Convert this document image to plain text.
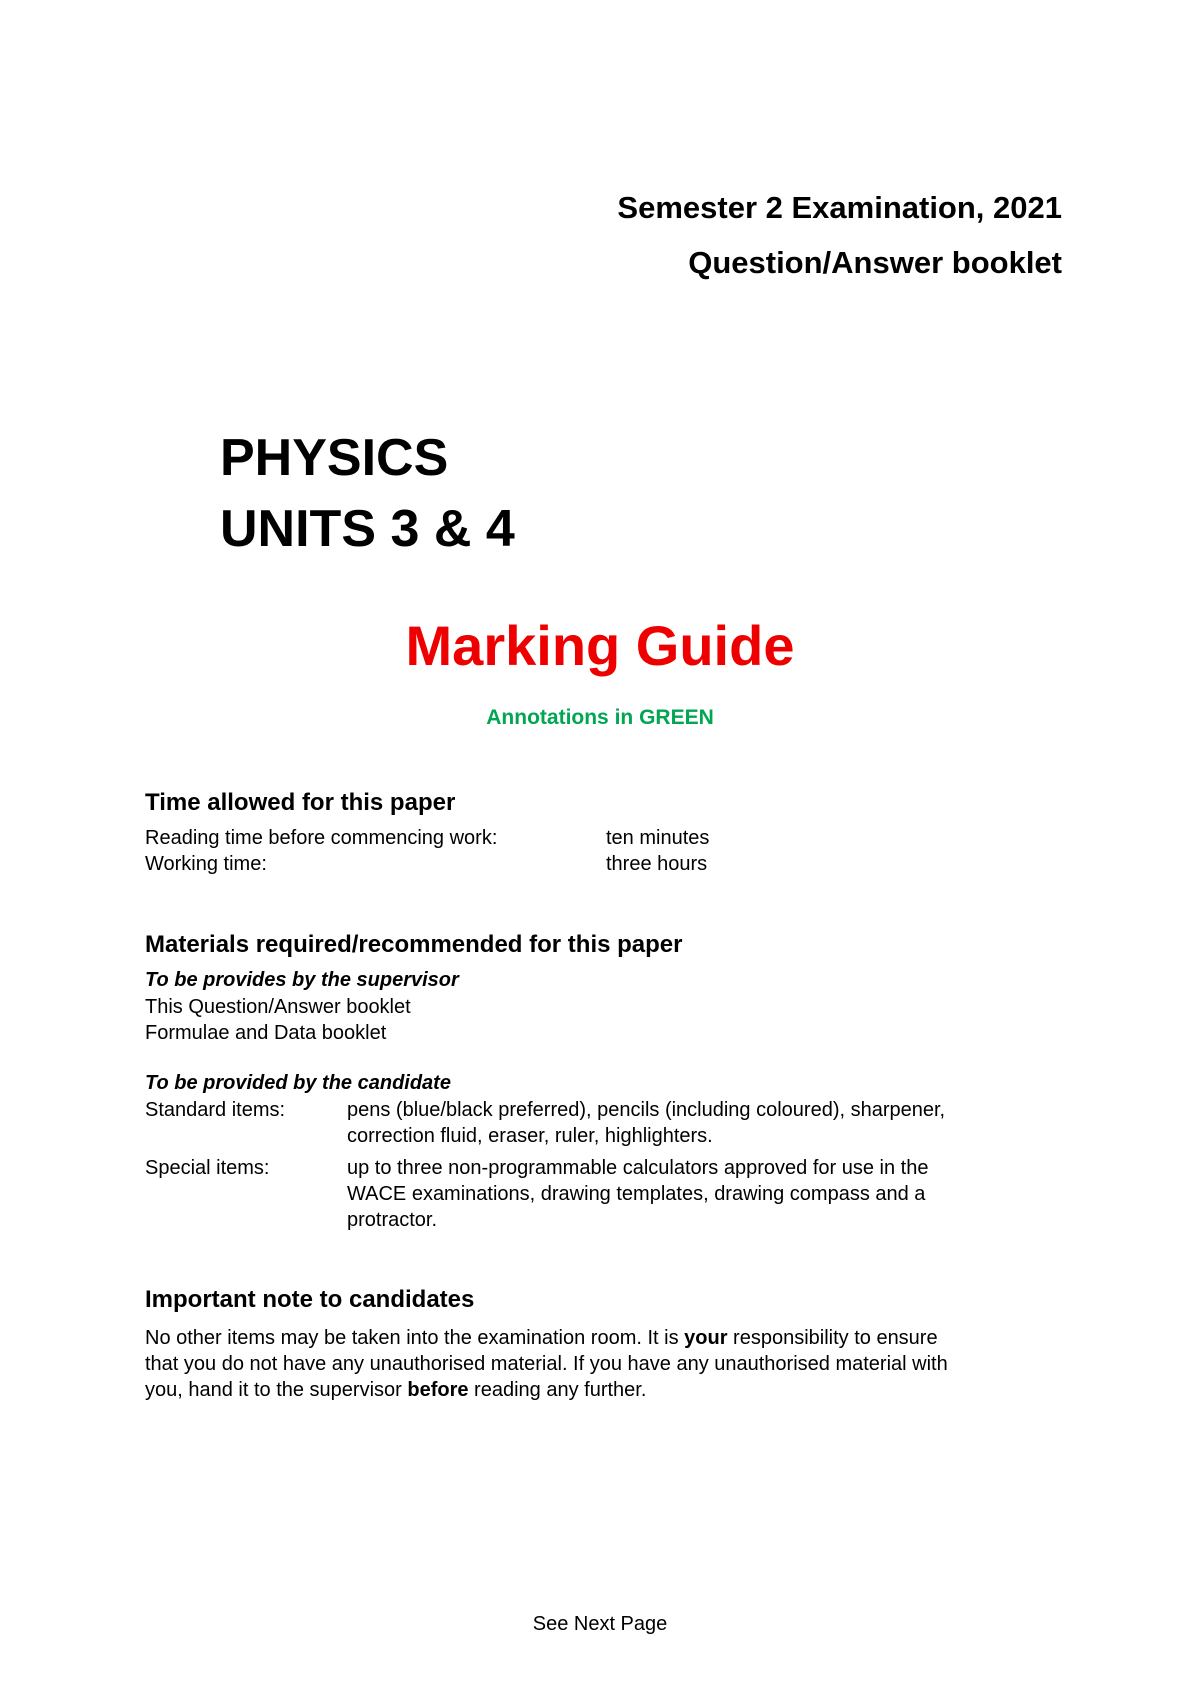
Semester 2 Examination, 2021
Question/Answer booklet
PHYSICS
UNITS 3 & 4
Marking Guide
Annotations in GREEN
Time allowed for this paper
Reading time before commencing work:	ten minutes
Working time:	three hours
Materials required/recommended for this paper
To be provides by the supervisor
This Question/Answer booklet
Formulae and Data booklet
To be provided by the candidate
Standard items:	pens (blue/black preferred), pencils (including coloured), sharpener,
correction fluid, eraser, ruler, highlighters.
Special items:	up to three non-programmable calculators approved for use in the
WACE examinations, drawing templates, drawing compass and a
protractor.
Important note to candidates
No other items may be taken into the examination room. It is your responsibility to ensure
that you do not have any unauthorised material. If you have any unauthorised material with
you, hand it to the supervisor before reading any further.
See Next Page
